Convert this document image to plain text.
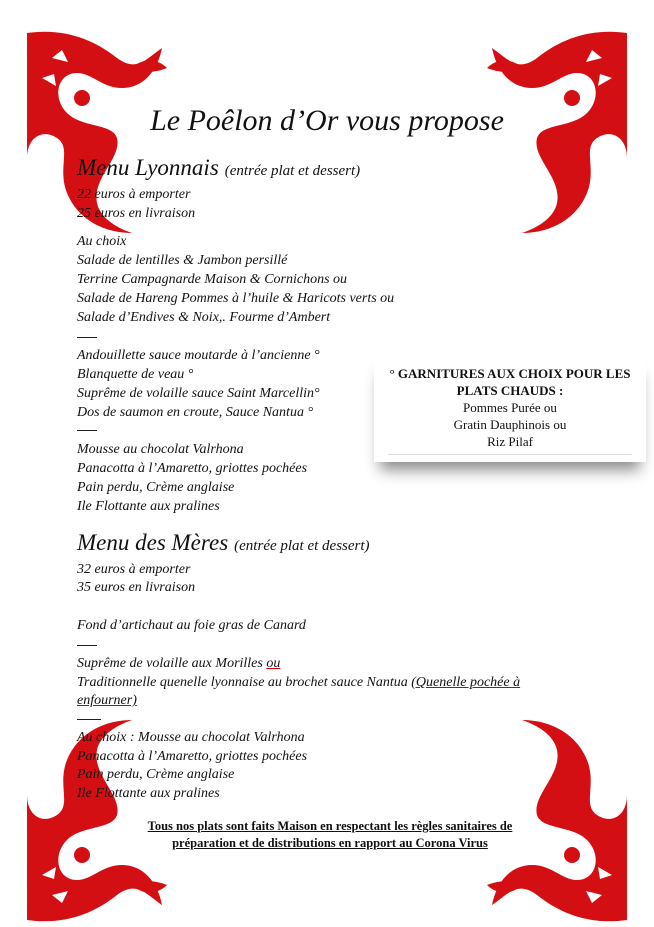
Le Poêlon d’Or vous propose
Menu Lyonnais (entrée plat et dessert)
22 euros à emporter
25 euros en livraison
Au choix
Salade de lentilles & Jambon persillé
Terrine Campagnarde Maison & Cornichons ou
Salade de Hareng Pommes à l’huile & Haricots verts ou
Salade d’Endives & Noix,. Fourme d’Ambert
Andouillette sauce moutarde à l’ancienne °
Blanquette de veau °
Suprême de volaille sauce Saint Marcellin°
Dos de saumon en croute, Sauce Nantua °
Mousse au chocolat Valrhona
Panacotta à l’Amaretto, griottes pochées
Pain perdu, Crème anglaise
Ile Flottante aux pralines
° GARNITURES AUX CHOIX POUR LES
PLATS CHAUDS :
Pommes Purée ou
Gratin Dauphinois ou
Riz Pilaf
Menu des Mères (entrée plat et dessert)
32 euros à emporter
35 euros en livraison
Fond d’artichaut au foie gras de Canard
Suprême de volaille aux Morilles ou
Traditionnelle quenelle lyonnaise au brochet sauce Nantua (Quenelle pochée à
enfourner)
Au choix : Mousse au chocolat Valrhona
Panacotta à l’Amaretto, griottes pochées
Pain perdu, Crème anglaise
Ile Flottante aux pralines
Tous nos plats sont faits Maison en respectant les règles sanitaires de
préparation et de distributions en rapport au Corona Virus
